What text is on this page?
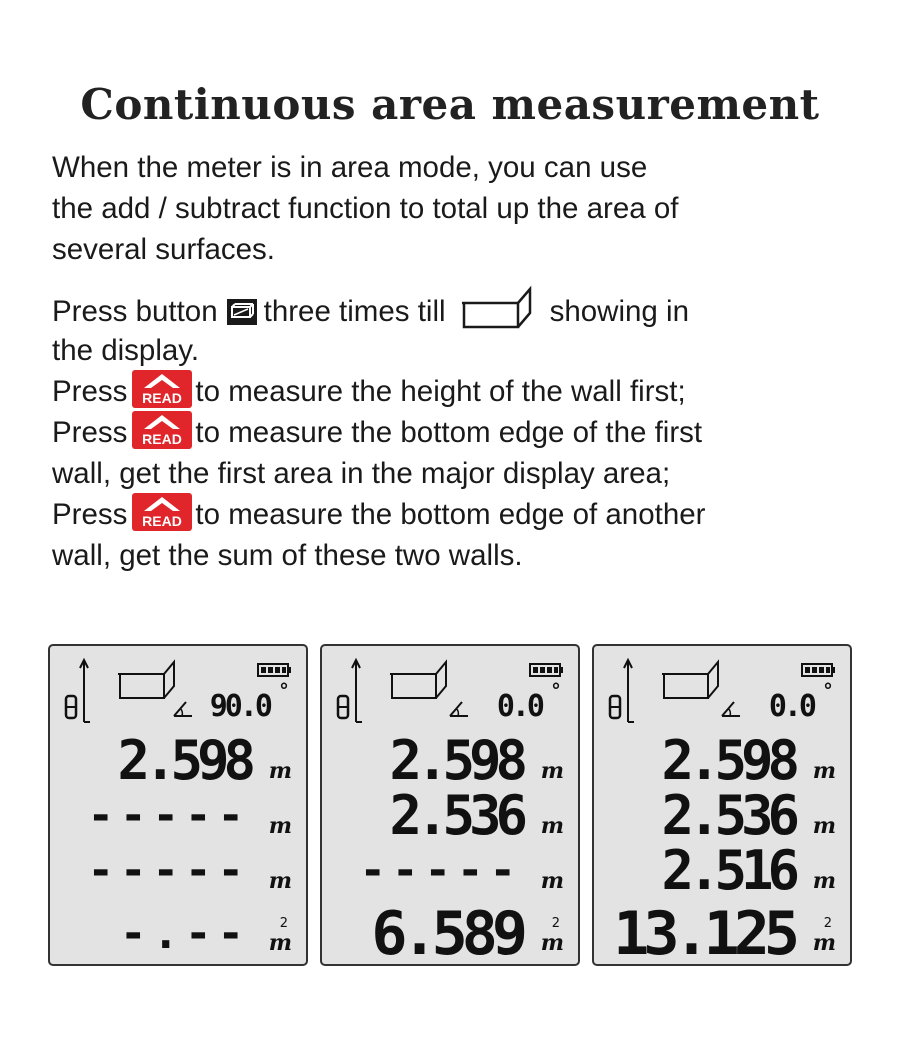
Continuous area measurement
When the meter is in area mode, you can use
the add / subtract function to total up the area of
several surfaces.
Press button three times till	showing in
the display.
Press READ to measure the height of the wall first;
Press READ to measure the bottom edge of the first
wall, get the first area in the major display area;
Press READ to measure the bottom edge of another
wall, get the sum of these two walls.
90.0 °
2.598 m
----- m
----- m
-.-- 2
m
0.0 °
2.598 m
2.536 m
----- m
6.589 2
m
0.0 °
2.598 m
2.536 m
2.516 m
13.125 2
m
